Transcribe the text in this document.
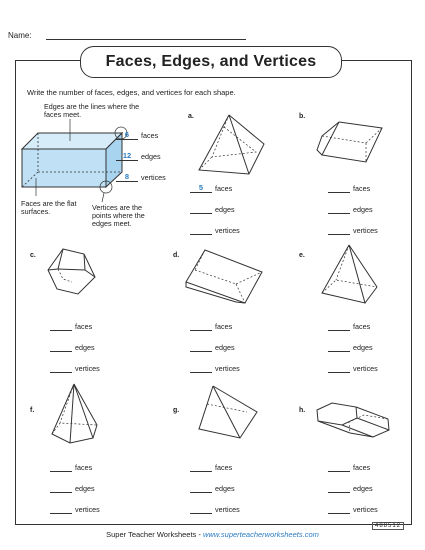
Name:
Faces, Edges, and Vertices
Write the number of faces, edges, and vertices for each shape.
Edges are the lines where the faces meet.
Faces are the flat surfaces.	Vertices are the points where the edges meet.
6	faces
12	edges
8	vertices
a.
5	faces
edges
vertices
b.
faces
edges
vertices
c.
faces
edges
vertices
d.
faces
edges
vertices
e.
faces
edges
vertices
f.
faces
edges
vertices
g.
faces
edges
vertices
h.
faces
edges
vertices
488512
Super Teacher Worksheets - www.superteacherworksheets.com
